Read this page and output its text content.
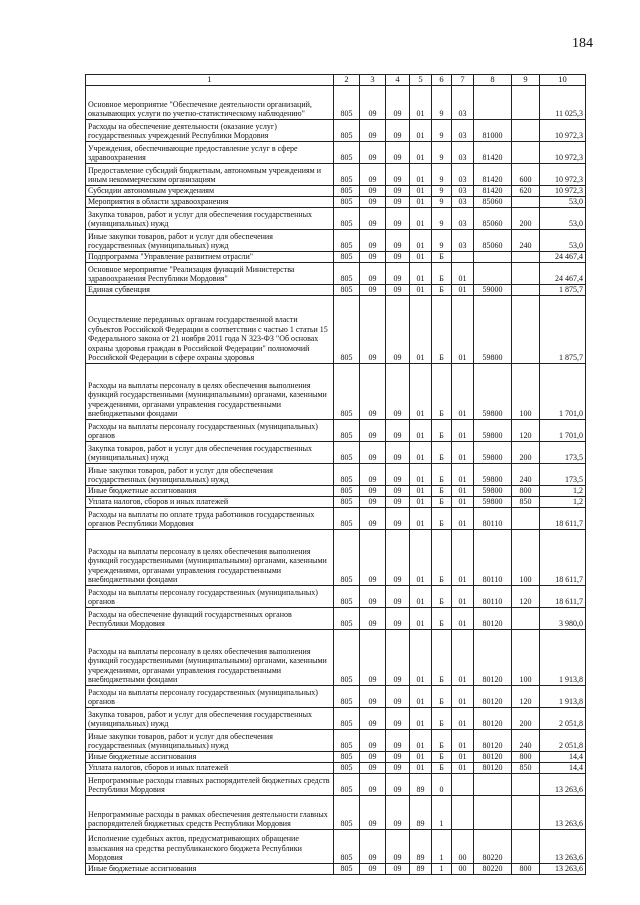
184
1	2	3	4	5	6	7	8	9	10
Основное мероприятие "Обеспечение деятельности организаций, оказывающих услуги по учетно-статистическому наблюдению"	805	09	09	01	9	03			11 025,3
Расходы на обеспечение деятельности (оказание услуг) государственных учреждений Республики Мордовия	805	09	09	01	9	03	81000		10 972,3
Учреждения, обеспечивающие предоставление услуг в сфере здравоохранения	805	09	09	01	9	03	81420		10 972,3
Предоставление субсидий бюджетным, автономным учреждениям и иным некоммерческим организациям	805	09	09	01	9	03	81420	600	10 972,3
Субсидии автономным учреждениям	805	09	09	01	9	03	81420	620	10 972,3
Мероприятия в области здравоохранения	805	09	09	01	9	03	85060		53,0
Закупка товаров, работ и услуг для обеспечения государственных (муниципальных) нужд	805	09	09	01	9	03	85060	200	53,0
Иные закупки товаров, работ и услуг для обеспечения государственных (муниципальных) нужд	805	09	09	01	9	03	85060	240	53,0
Подпрограмма "Управление развитием отрасли"	805	09	09	01	Б				24 467,4
Основное мероприятие "Реализация функций Министерства здравоохранения Республики Мордовия"	805	09	09	01	Б	01			24 467,4
Единая субвенция	805	09	09	01	Б	01	59000		1 875,7
Осуществление переданных органам государственной власти субъектов Российской Федерации в соответствии с частью 1 статьи 15 Федерального закона от 21 ноября 2011 года N 323-ФЗ "Об основах охраны здоровья граждан в Российской Федерации" полномочий Российской Федерации в сфере охраны здоровья	805	09	09	01	Б	01	59800		1 875,7
Расходы на выплаты персоналу в целях обеспечения выполнения функций государственными (муниципальными) органами, казенными учреждениями, органами управления государственными внебюджетными фондами	805	09	09	01	Б	01	59800	100	1 701,0
Расходы на выплаты персоналу государственных (муниципальных) органов	805	09	09	01	Б	01	59800	120	1 701,0
Закупка товаров, работ и услуг для обеспечения государственных (муниципальных) нужд	805	09	09	01	Б	01	59800	200	173,5
Иные закупки товаров, работ и услуг для обеспечения государственных (муниципальных) нужд	805	09	09	01	Б	01	59800	240	173,5
Иные бюджетные ассигнования	805	09	09	01	Б	01	59800	800	1,2
Уплата налогов, сборов и иных платежей	805	09	09	01	Б	01	59800	850	1,2
Расходы на выплаты по оплате труда работников государственных органов Республики Мордовия	805	09	09	01	Б	01	80110		18 611,7
Расходы на выплаты персоналу в целях обеспечения выполнения функций государственными (муниципальными) органами, казенными учреждениями, органами управления государственными внебюджетными фондами	805	09	09	01	Б	01	80110	100	18 611,7
Расходы на выплаты персоналу государственных (муниципальных) органов	805	09	09	01	Б	01	80110	120	18 611,7
Расходы на обеспечение функций государственных органов Республики Мордовия	805	09	09	01	Б	01	80120		3 980,0
Расходы на выплаты персоналу в целях обеспечения выполнения функций государственными (муниципальными) органами, казенными учреждениями, органами управления государственными внебюджетными фондами	805	09	09	01	Б	01	80120	100	1 913,8
Расходы на выплаты персоналу государственных (муниципальных) органов	805	09	09	01	Б	01	80120	120	1 913,8
Закупка товаров, работ и услуг для обеспечения государственных (муниципальных) нужд	805	09	09	01	Б	01	80120	200	2 051,8
Иные закупки товаров, работ и услуг для обеспечения государственных (муниципальных) нужд	805	09	09	01	Б	01	80120	240	2 051,8
Иные бюджетные ассигнования	805	09	09	01	Б	01	80120	800	14,4
Уплата налогов, сборов и иных платежей	805	09	09	01	Б	01	80120	850	14,4
Непрограммные расходы главных распорядителей бюджетных средств Республики Мордовия	805	09	09	89	0				13 263,6
Непрограммные расходы в рамках обеспечения деятельности главных распорядителей бюджетных средств Республики Мордовия	805	09	09	89	1				13 263,6
Исполнение судебных актов, предусматривающих обращение взыскания на средства республиканского бюджета Республики Мордовия	805	09	09	89	1	00	80220		13 263,6
Иные бюджетные ассигнования	805	09	09	89	1	00	80220	800	13 263,6
